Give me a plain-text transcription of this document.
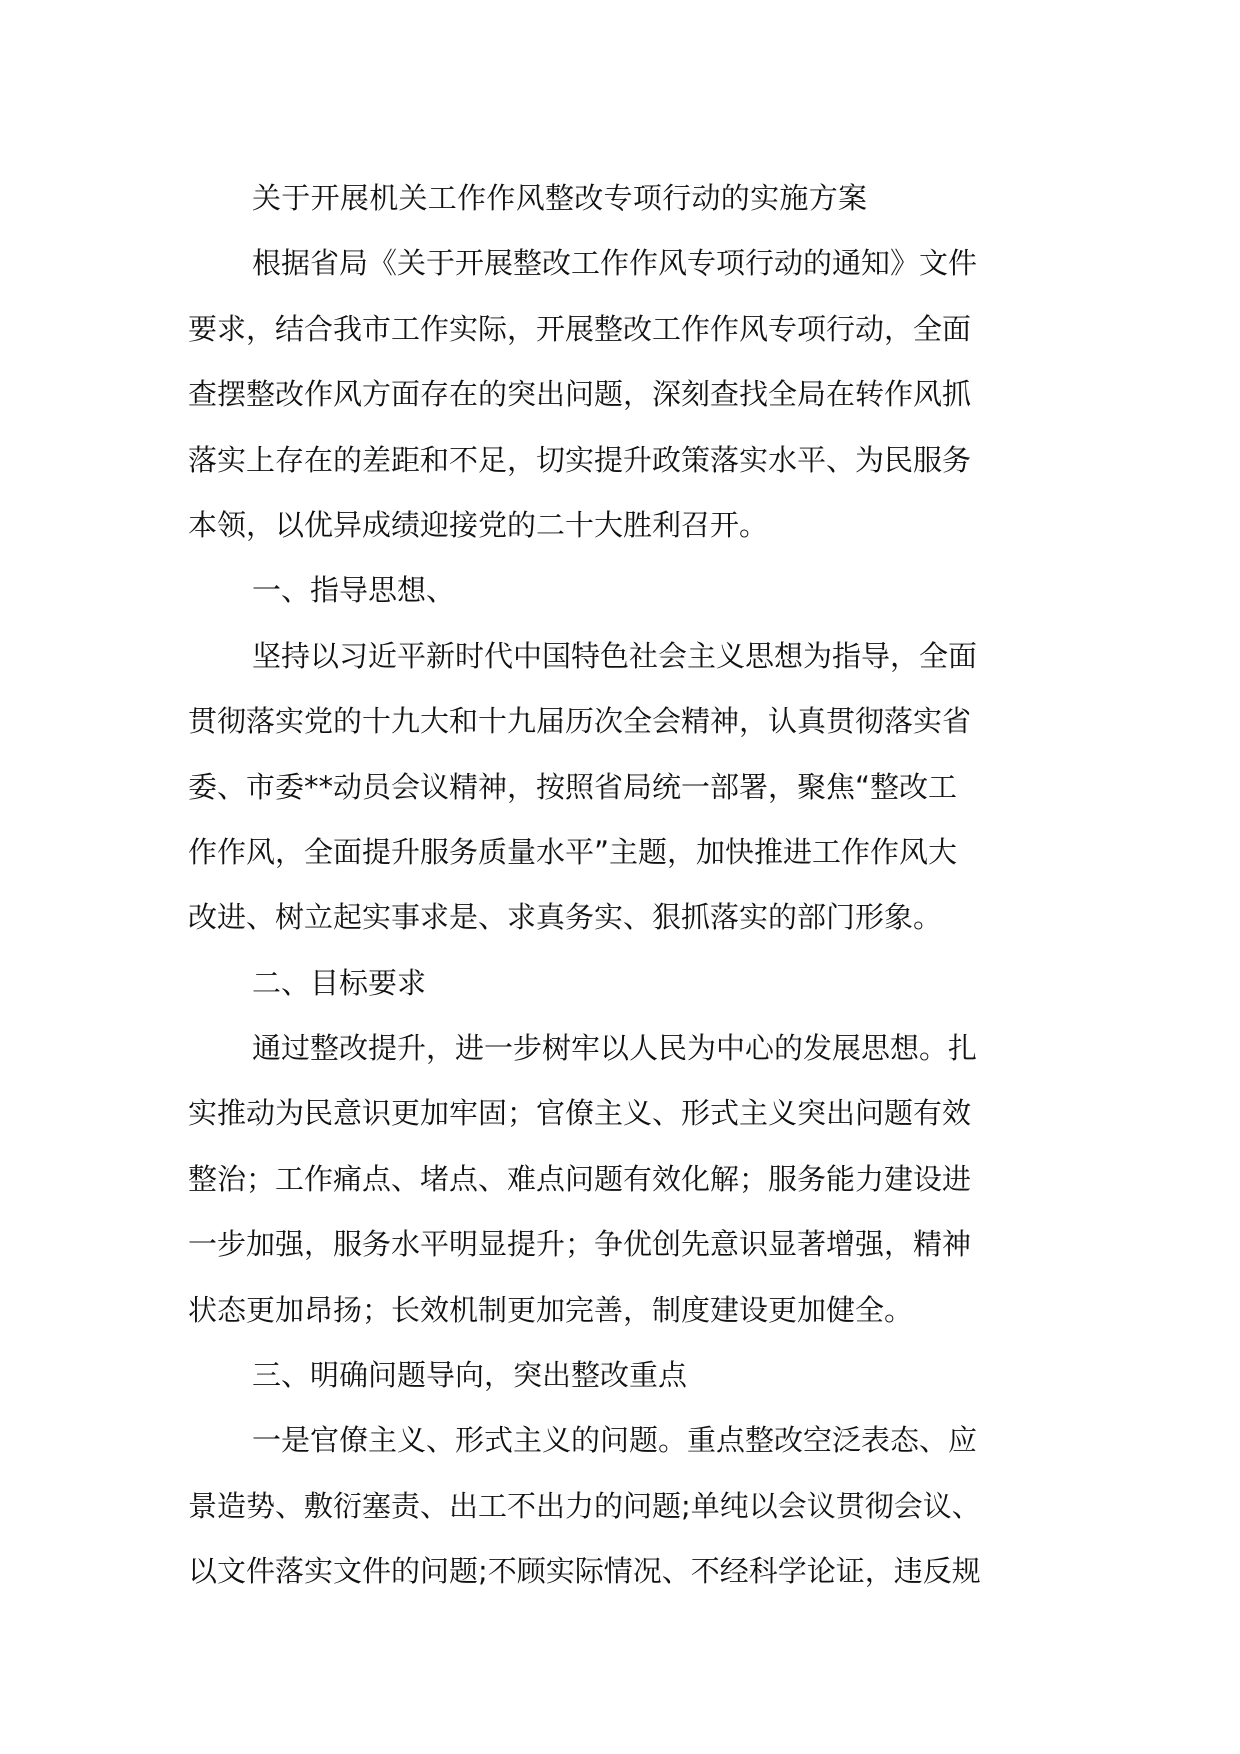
关于开展机关工作作风整改专项行动的实施方案
根据省局《关于开展整改工作作风专项行动的通知》文件
要求，结合我市工作实际，开展整改工作作风专项行动，全面
查摆整改作风方面存在的突出问题，深刻查找全局在转作风抓
落实上存在的差距和不足，切实提升政策落实水平、为民服务
本领，以优异成绩迎接党的二十大胜利召开。
一、指导思想、
坚持以习近平新时代中国特色社会主义思想为指导，全面
贯彻落实党的十九大和十九届历次全会精神，认真贯彻落实省
委、市委**动员会议精神，按照省局统一部署，聚焦“整改工
作作风，全面提升服务质量水平”主题，加快推进工作作风大
改进、树立起实事求是、求真务实、狠抓落实的部门形象。
二、目标要求
通过整改提升，进一步树牢以人民为中心的发展思想。扎
实推动为民意识更加牢固；官僚主义、形式主义突出问题有效
整治；工作痛点、堵点、难点问题有效化解；服务能力建设进
一步加强，服务水平明显提升；争优创先意识显著增强，精神
状态更加昂扬；长效机制更加完善，制度建设更加健全。
三、明确问题导向，突出整改重点
一是官僚主义、形式主义的问题。重点整改空泛表态、应
景造势、敷衍塞责、出工不出力的问题;单纯以会议贯彻会议、
以文件落实文件的问题;不顾实际情况、不经科学论证，违反规
